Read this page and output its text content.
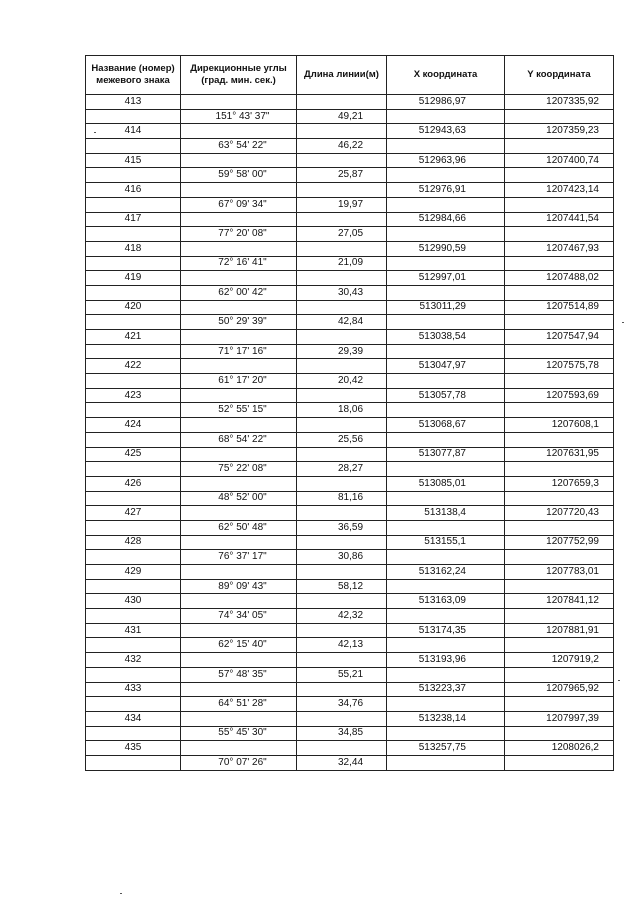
Название (номер) межевого знака	Дирекционные углы (град. мин. сек.)	Длина линии(м)	X координата	Y координата
413			512986,97	1207335,92
	151° 43' 37"	49,21		
414			512943,63	1207359,23
	63° 54' 22"	46,22		
415			512963,96	1207400,74
	59° 58' 00"	25,87		
416			512976,91	1207423,14
	67° 09' 34"	19,97		
417			512984,66	1207441,54
	77° 20' 08"	27,05		
418			512990,59	1207467,93
	72° 16' 41"	21,09		
419			512997,01	1207488,02
	62° 00' 42"	30,43		
420			513011,29	1207514,89
	50° 29' 39"	42,84		
421			513038,54	1207547,94
	71° 17' 16"	29,39		
422			513047,97	1207575,78
	61° 17' 20"	20,42		
423			513057,78	1207593,69
	52° 55' 15"	18,06		
424			513068,67	1207608,1
	68° 54' 22"	25,56		
425			513077,87	1207631,95
	75° 22' 08"	28,27		
426			513085,01	1207659,3
	48° 52' 00"	81,16		
427			513138,4	1207720,43
	62° 50' 48"	36,59		
428			513155,1	1207752,99
	76° 37' 17"	30,86		
429			513162,24	1207783,01
	89° 09' 43"	58,12		
430			513163,09	1207841,12
	74° 34' 05"	42,32		
431			513174,35	1207881,91
	62° 15' 40"	42,13		
432			513193,96	1207919,2
	57° 48' 35"	55,21		
433			513223,37	1207965,92
	64° 51' 28"	34,76		
434			513238,14	1207997,39
	55° 45' 30"	34,85		
435			513257,75	1208026,2
	70° 07' 26"	32,44		
